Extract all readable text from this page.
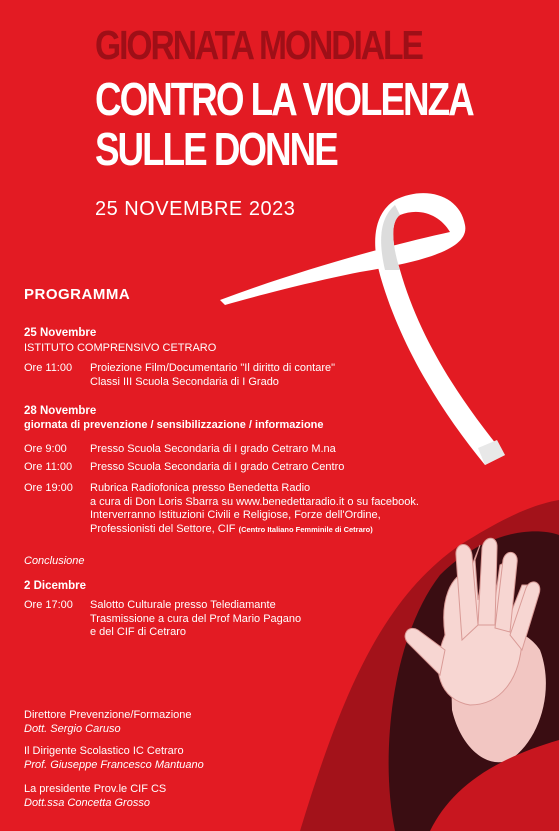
GIORNATA MONDIALE
CONTRO LA VIOLENZA
SULLE DONNE
25 NOVEMBRE 2023
PROGRAMMA
25 Novembre
ISTITUTO COMPRENSIVO CETRARO
Ore 11:00	Proiezione Film/Documentario "Il diritto di contare"
Classi III Scuola Secondaria di I Grado
28 Novembre
giornata di prevenzione / sensibilizzazione / informazione
Ore 9:00	Presso Scuola Secondaria di I grado Cetraro M.na
Ore 11:00	Presso Scuola Secondaria di I grado Cetraro Centro
Ore 19:00	Rubrica Radiofonica presso Benedetta Radio
a cura di Don Loris Sbarra su www.benedettaradio.it o su facebook.
Interverranno Istituzioni Civili e Religiose, Forze dell'Ordine,
Professionisti del Settore, CIF (Centro Italiano Femminile di Cetraro)
Conclusione
2 Dicembre
Ore 17:00	Salotto Culturale presso Telediamante
Trasmissione a cura del Prof Mario Pagano
e del CIF di Cetraro
Direttore Prevenzione/Formazione
Dott. Sergio Caruso
Il Dirigente Scolastico IC Cetraro
Prof. Giuseppe Francesco Mantuano
La presidente Prov.le CIF CS
Dott.ssa Concetta Grosso
